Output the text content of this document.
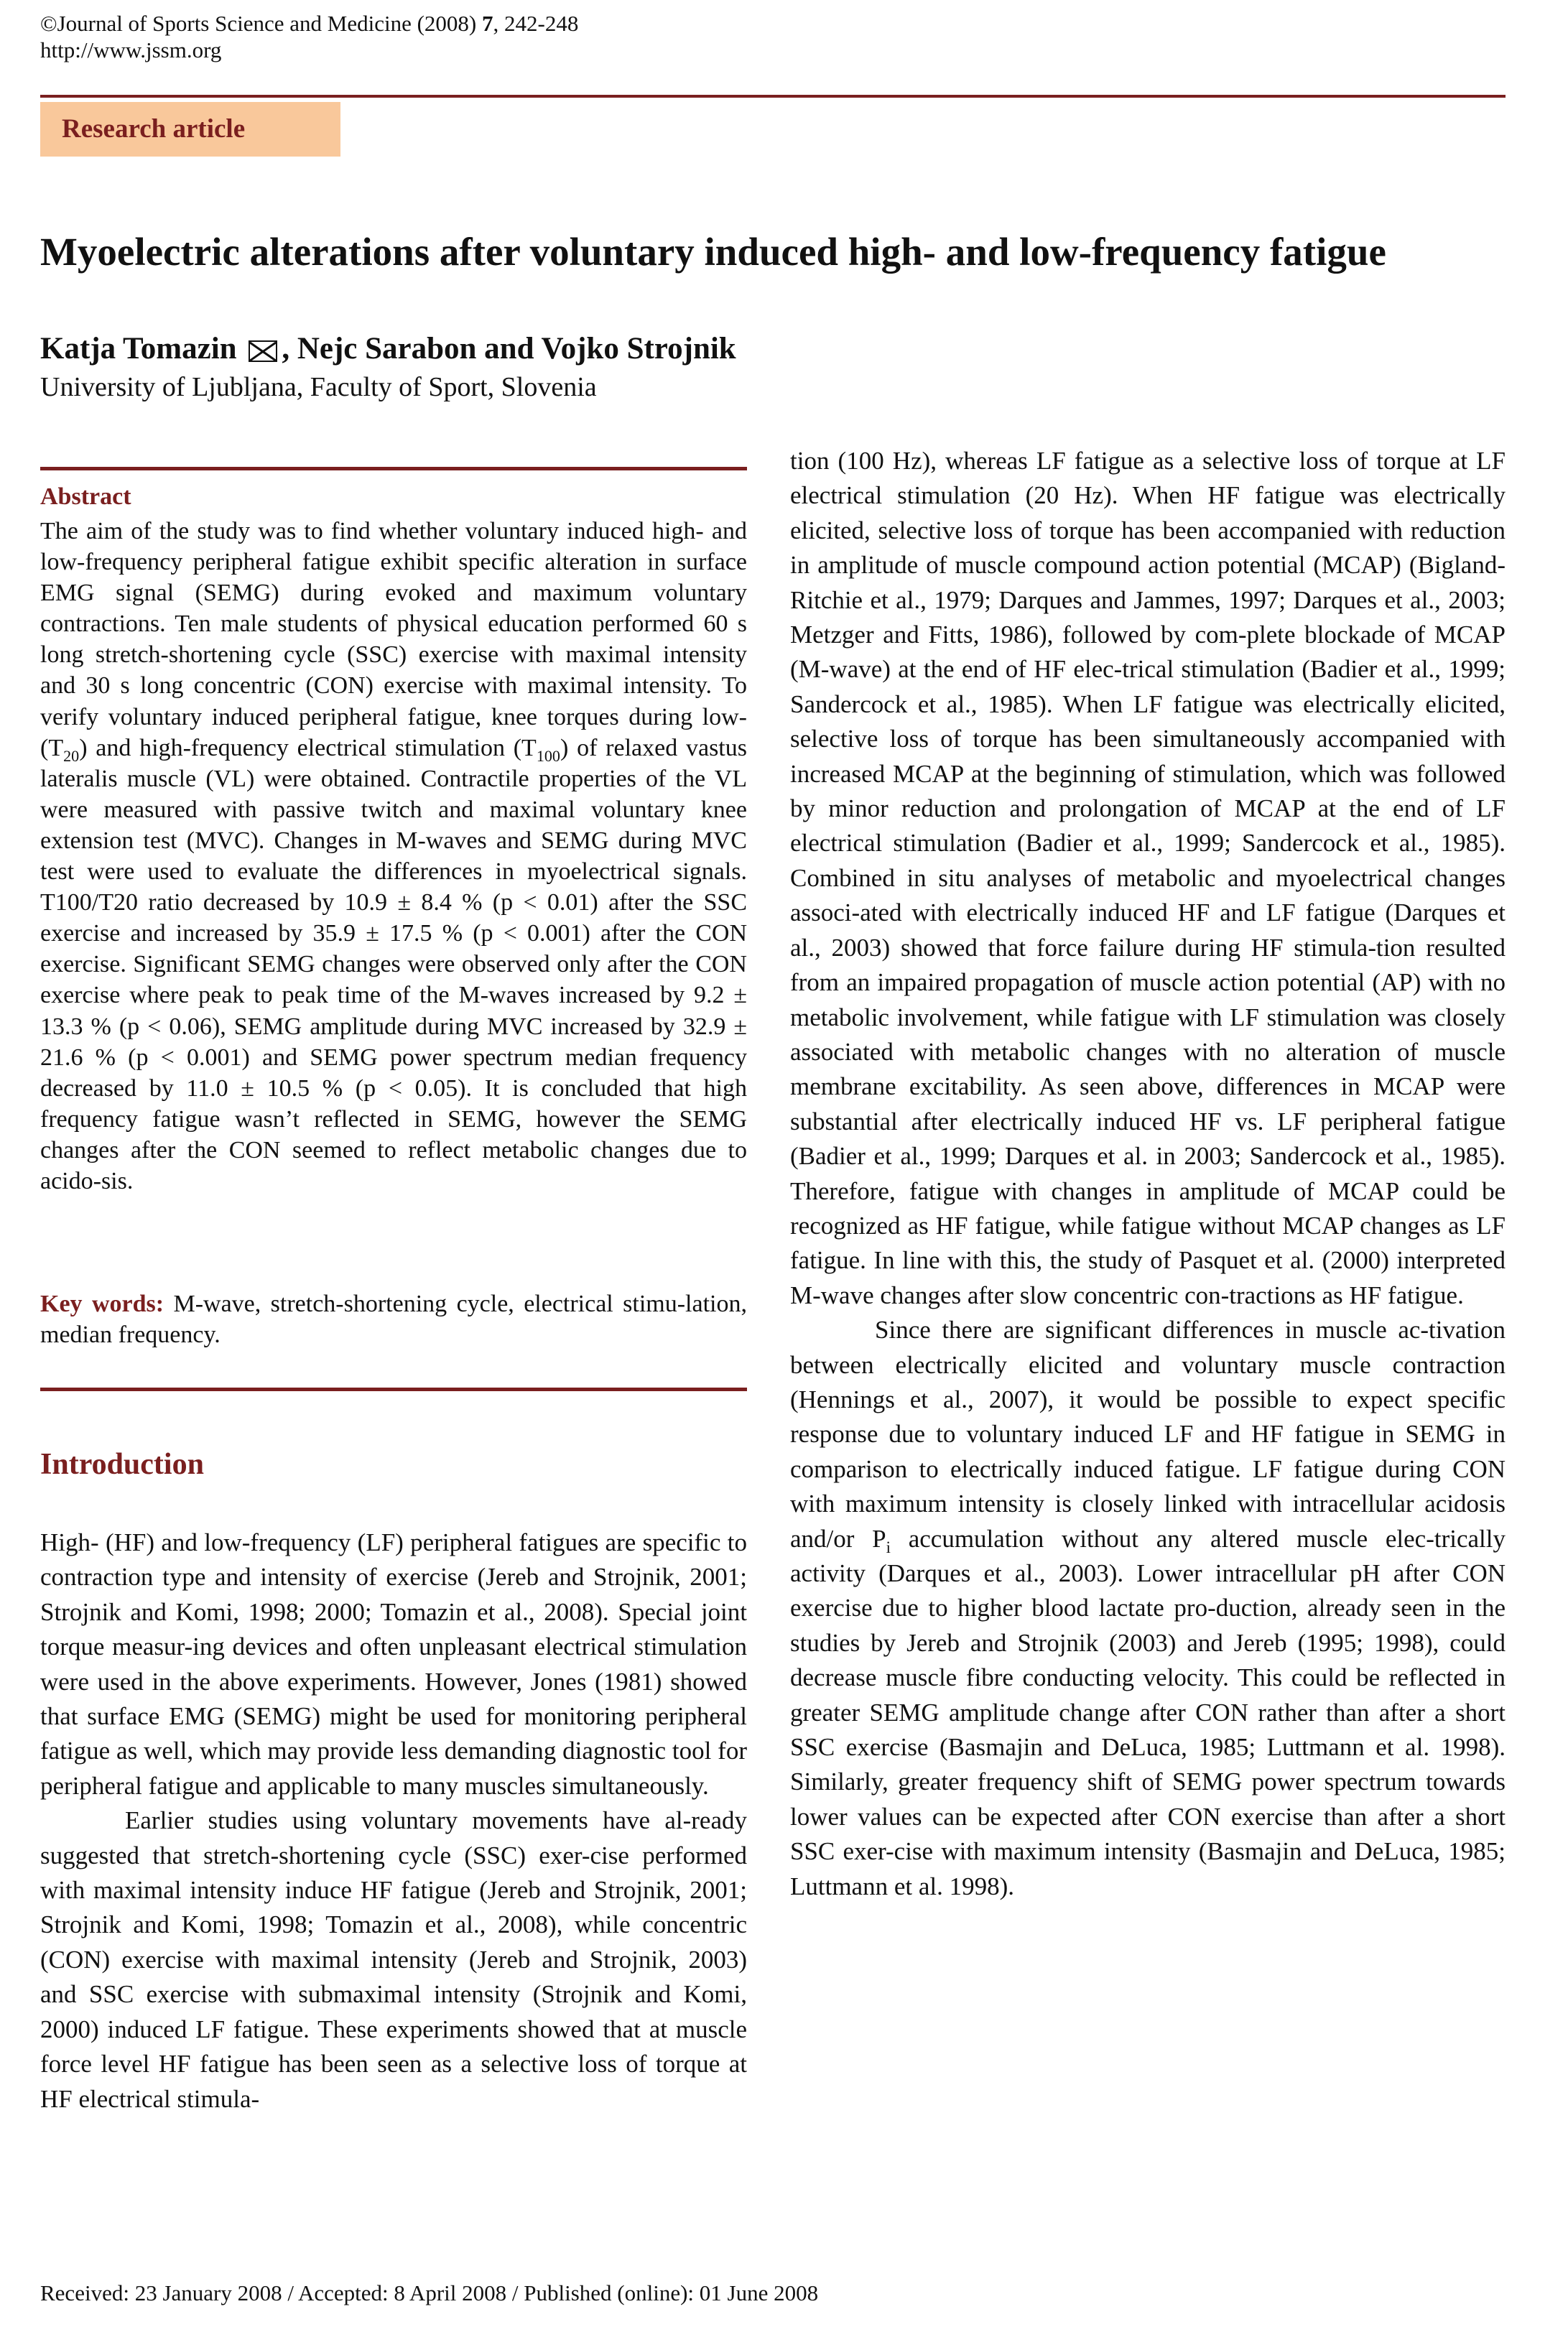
©Journal of Sports Science and Medicine (2008) 7, 242-248
http://www.jssm.org
Research article
Myoelectric alterations after voluntary induced high- and low-frequency fatigue
Katja Tomazin , Nejc Sarabon and Vojko Strojnik
University of Ljubljana, Faculty of Sport, Slovenia
Abstract

The aim of the study was to find whether voluntary induced high- and low-frequency peripheral fatigue exhibit specific alteration in surface EMG signal (SEMG) during evoked and maximum voluntary contractions. Ten male students of physical education performed 60 s long stretch-shortening cycle (SSC) exercise with maximal intensity and 30 s long concentric (CON) exercise with maximal intensity. To verify voluntary induced peripheral fatigue, knee torques during low- $(T_{20})$ and high-frequency electrical stimulation $(T_{100})$ of relaxed vastus lateralis muscle (VL) were obtained. Contractile properties of the VL were measured with passive twitch and maximal voluntary knee extension test (MVC). Changes in M-waves and SEMG during MVC test were used to evaluate the differences in myoelectrical signals. T100/T20 ratio decreased by 10.9 ± 8.4 % (p < 0.01) after the SSC exercise and increased by 35.9 ± 17.5 % (p < 0.001) after the CON exercise. Significant SEMG changes were observed only after the CON exercise where peak to peak time of the M-waves increased by 9.2 ± 13.3 % (p < 0.06), SEMG amplitude during MVC increased by 32.9 ± 21.6 % (p < 0.001) and SEMG power spectrum median frequency decreased by 11.0 ± 10.5 % (p < 0.05). It is concluded that high frequency fatigue wasn’t reflected in SEMG, however the SEMG changes after the CON seemed to reflect metabolic changes due to acido-sis.

Key words: M-wave, stretch-shortening cycle, electrical stimu-lation, median frequency.
Introduction

High- (HF) and low-frequency (LF) peripheral fatigues are specific to contraction type and intensity of exercise (Jereb and Strojnik, 2001; Strojnik and Komi, 1998; 2000; Tomazin et al., 2008). Special joint torque measur-ing devices and often unpleasant electrical stimulation were used in the above experiments. However, Jones (1981) showed that surface EMG (SEMG) might be used for monitoring peripheral fatigue as well, which may provide less demanding diagnostic tool for peripheral fatigue and applicable to many muscles simultaneously.

Earlier studies using voluntary movements have al-ready suggested that stretch-shortening cycle (SSC) exer-cise performed with maximal intensity induce HF fatigue (Jereb and Strojnik, 2001; Strojnik and Komi, 1998; Tomazin et al., 2008), while concentric (CON) exercise with maximal intensity (Jereb and Strojnik, 2003) and SSC exercise with submaximal intensity (Strojnik and Komi, 2000) induced LF fatigue. These experiments showed that at muscle force level HF fatigue has been seen as a selective loss of torque at HF electrical stimula-

tion (100 Hz), whereas LF fatigue as a selective loss of torque at LF electrical stimulation (20 Hz). When HF fatigue was electrically elicited, selective loss of torque has been accompanied with reduction in amplitude of muscle compound action potential (MCAP) (Bigland-Ritchie et al., 1979; Darques and Jammes, 1997; Darques et al., 2003; Metzger and Fitts, 1986), followed by com-plete blockade of MCAP (M-wave) at the end of HF elec-trical stimulation (Badier et al., 1999; Sandercock et al., 1985). When LF fatigue was electrically elicited, selective loss of torque has been simultaneously accompanied with increased MCAP at the beginning of stimulation, which was followed by minor reduction and prolongation of MCAP at the end of LF electrical stimulation (Badier et al., 1999; Sandercock et al., 1985). Combined in situ analyses of metabolic and myoelectrical changes associ-ated with electrically induced HF and LF fatigue (Darques et al., 2003) showed that force failure during HF stimula-tion resulted from an impaired propagation of muscle action potential (AP) with no metabolic involvement, while fatigue with LF stimulation was closely associated with metabolic changes with no alteration of muscle membrane excitability. As seen above, differences in MCAP were substantial after electrically induced HF vs. LF peripheral fatigue (Badier et al., 1999; Darques et al. in 2003; Sandercock et al., 1985). Therefore, fatigue with changes in amplitude of MCAP could be recognized as HF fatigue, while fatigue without MCAP changes as LF fatigue. In line with this, the study of Pasquet et al. (2000) interpreted M-wave changes after slow concentric con-tractions as HF fatigue.

Since there are significant differences in muscle ac-tivation between electrically elicited and voluntary muscle contraction (Hennings et al., 2007), it would be possible to expect specific response due to voluntary induced LF and HF fatigue in SEMG in comparison to electrically induced fatigue. LF fatigue during CON with maximum intensity is closely linked with intracellular acidosis and/or $P_i$ accumulation without any altered muscle elec-trically activity (Darques et al., 2003). Lower intracellular pH after CON exercise due to higher blood lactate pro-duction, already seen in the studies by Jereb and Strojnik (2003) and Jereb (1995; 1998), could decrease muscle fibre conducting velocity. This could be reflected in greater SEMG amplitude change after CON rather than after a short SSC exercise (Basmajin and DeLuca, 1985; Luttmann et al. 1998). Similarly, greater frequency shift of SEMG power spectrum towards lower values can be expected after CON exercise than after a short SSC exer-cise with maximum intensity (Basmajin and DeLuca, 1985; Luttmann et al. 1998).

Received: 23 January 2008 / Accepted: 8 April 2008 / Published (online): 01 June 2008
